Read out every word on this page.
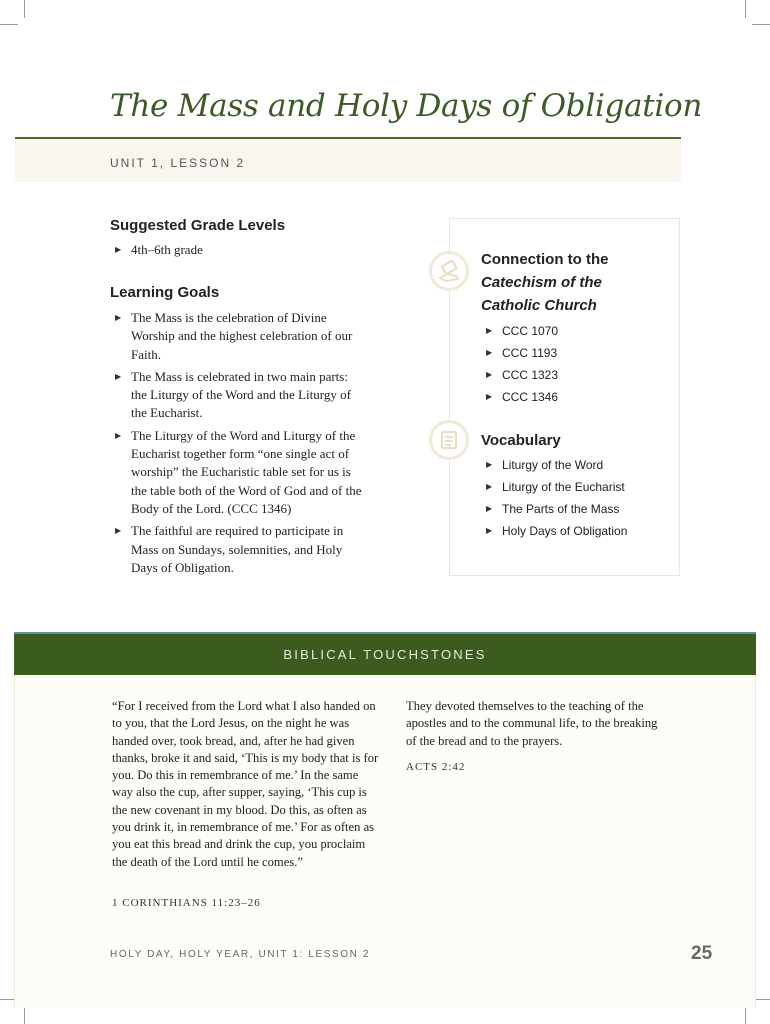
The Mass and Holy Days of Obligation
UNIT 1, LESSON 2
Suggested Grade Levels
▶ 4th–6th grade
Learning Goals
▶ The Mass is the celebration of Divine Worship and the highest celebration of our Faith.
▶ The Mass is celebrated in two main parts: the Liturgy of the Word and the Liturgy of the Eucharist.
▶ The Liturgy of the Word and Liturgy of the Eucharist together form “one single act of worship” the Eucharistic table set for us is the table both of the Word of God and of the Body of the Lord. (CCC 1346)
▶ The faithful are required to participate in Mass on Sundays, solemnities, and Holy Days of Obligation.
Connection to the
Catechism of the
Catholic Church
▶ CCC 1070
▶ CCC 1193
▶ CCC 1323
▶ CCC 1346
Vocabulary
▶ Liturgy of the Word
▶ Liturgy of the Eucharist
▶ The Parts of the Mass
▶ Holy Days of Obligation
BIBLICAL TOUCHSTONES

“For I received from the Lord what I also handed on to you, that the Lord Jesus, on the night he was handed over, took bread, and, after he had given thanks, broke it and said, ‘This is my body that is for you. Do this in remembrance of me.’ In the same way also the cup, after supper, saying, ‘This cup is the new covenant in my blood. Do this, as often as you drink it, in remembrance of me.’ For as often as you eat this bread and drink the cup, you proclaim the death of the Lord until he comes.”

1 CORINTHIANS 11:23–26

They devoted themselves to the teaching of the apostles and to the communal life, to the breaking of the bread and to the prayers.

ACTS 2:42

HOLY DAY, HOLY YEAR, UNIT 1: LESSON 2	25
